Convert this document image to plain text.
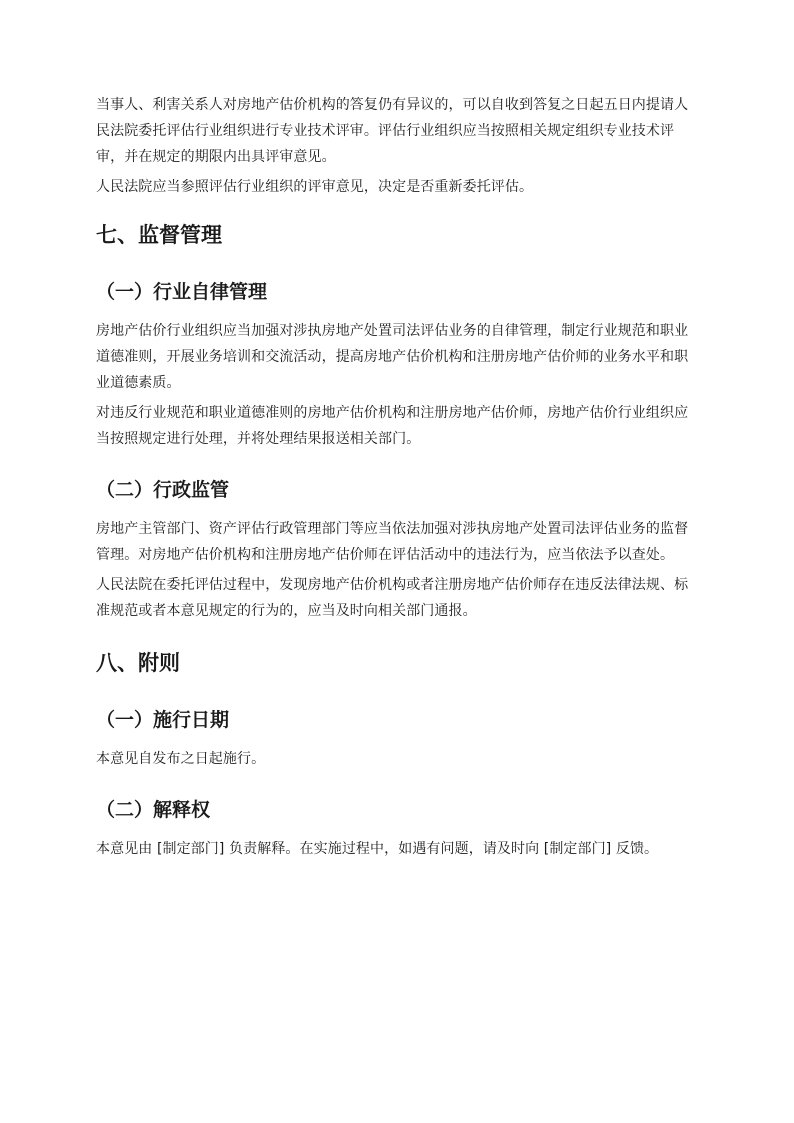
当事人、利害关系人对房地产估价机构的答复仍有异议的，可以自收到答复之日起五日内提请人民法院委托评估行业组织进行专业技术评审。评估行业组织应当按照相关规定组织专业技术评审，并在规定的期限内出具评审意见。

人民法院应当参照评估行业组织的评审意见，决定是否重新委托评估。

七、监督管理
（一）行业自律管理

房地产估价行业组织应当加强对涉执房地产处置司法评估业务的自律管理，制定行业规范和职业道德准则，开展业务培训和交流活动，提高房地产估价机构和注册房地产估价师的业务水平和职业道德素质。

对违反行业规范和职业道德准则的房地产估价机构和注册房地产估价师，房地产估价行业组织应当按照规定进行处理，并将处理结果报送相关部门。

（二）行政监管

房地产主管部门、资产评估行政管理部门等应当依法加强对涉执房地产处置司法评估业务的监督管理。对房地产估价机构和注册房地产估价师在评估活动中的违法行为，应当依法予以查处。

人民法院在委托评估过程中，发现房地产估价机构或者注册房地产估价师存在违反法律法规、标准规范或者本意见规定的行为的，应当及时向相关部门通报。

八、附则
（一）施行日期

本意见自发布之日起施行。

（二）解释权

本意见由 [制定部门] 负责解释。在实施过程中，如遇有问题，请及时向 [制定部门] 反馈。
